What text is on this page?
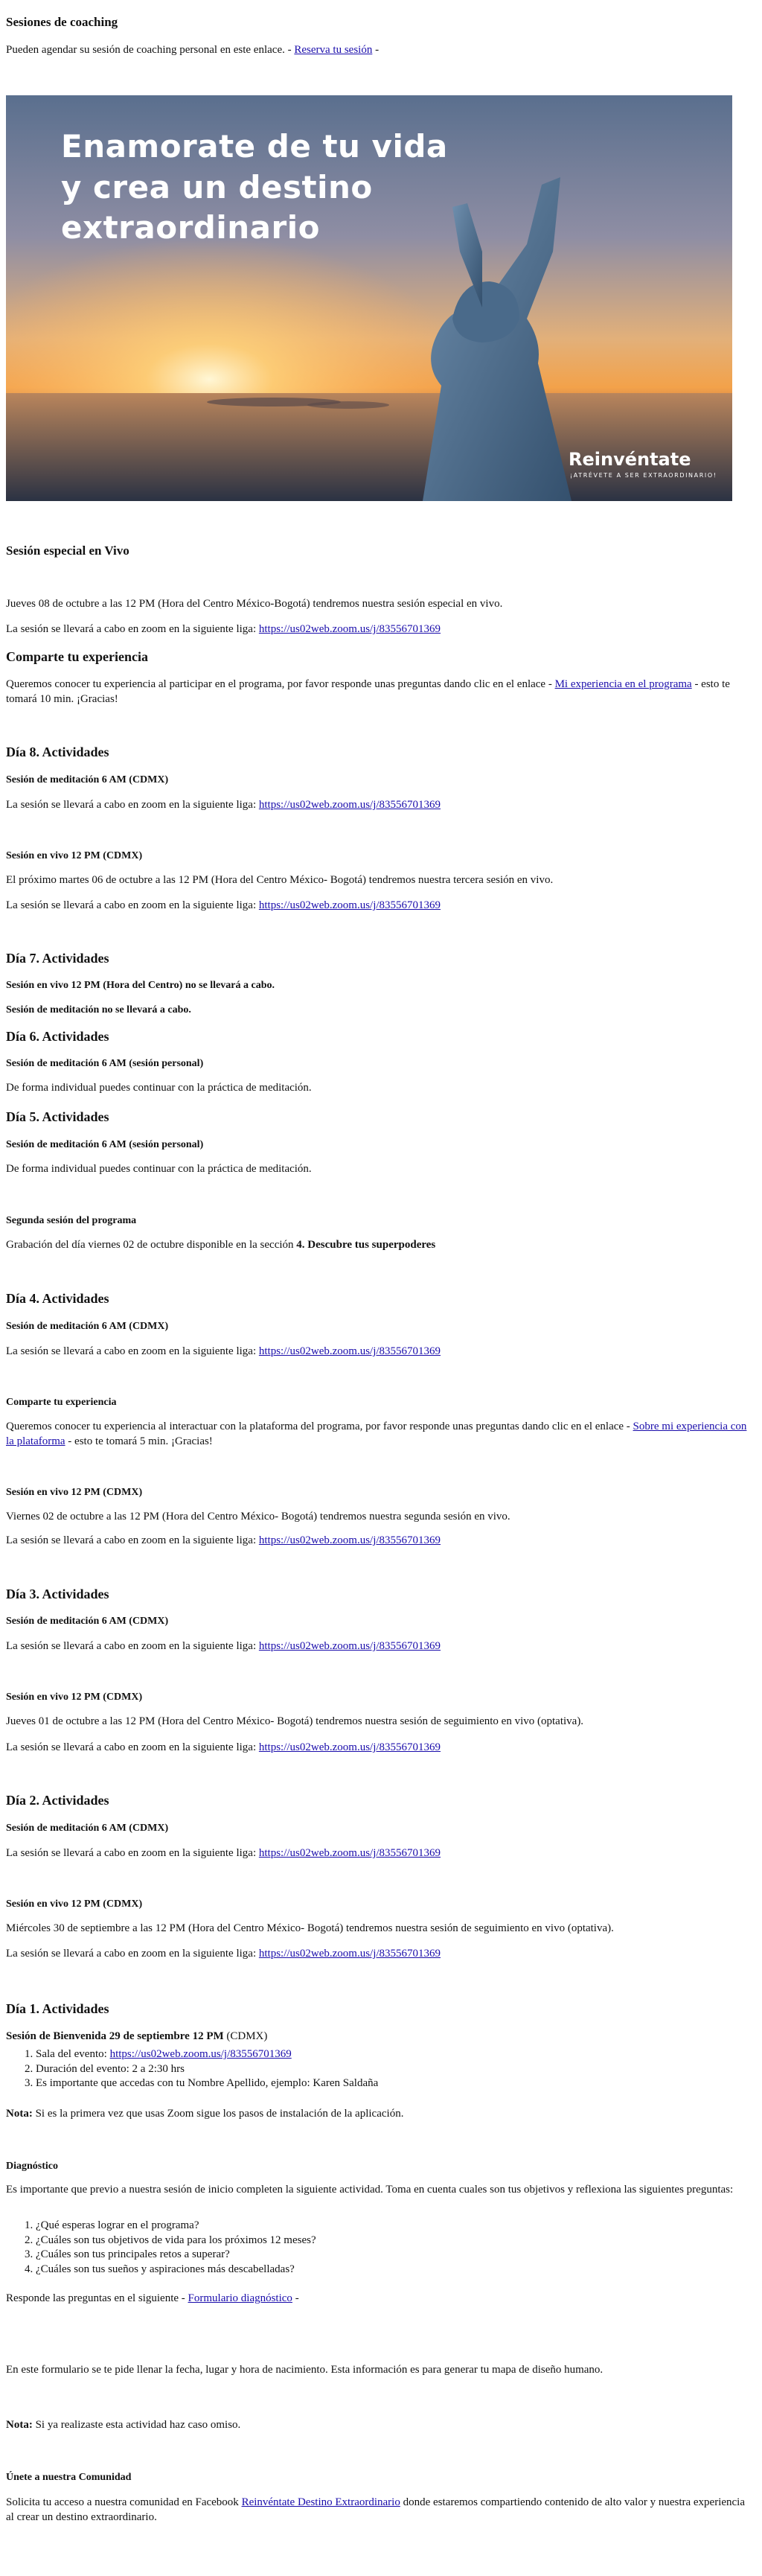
Sesiones de coaching
Pueden agendar su sesión de coaching personal en este enlace. - Reserva tu sesión -
Enamorate de tu vida
y crea un destino
extraordinario
Reinvéntate
¡ATRÉVETE A SER EXTRAORDINARIO!
Sesión especial en Vivo
Jueves 08 de octubre a las 12 PM (Hora del Centro México-Bogotá) tendremos nuestra sesión especial en vivo.
La sesión se llevará a cabo en zoom en la siguiente liga: https://us02web.zoom.us/j/83556701369
Comparte tu experiencia
Queremos conocer tu experiencia al participar en el programa, por favor responde unas preguntas dando clic en el enlace - Mi experiencia en el programa - esto te tomará 10 min. ¡Gracias!
Día 8. Actividades
Sesión de meditación 6 AM (CDMX)
La sesión se llevará a cabo en zoom en la siguiente liga: https://us02web.zoom.us/j/83556701369
Sesión en vivo 12 PM (CDMX)
El próximo martes 06 de octubre a las 12 PM (Hora del Centro México- Bogotá) tendremos nuestra tercera sesión en vivo.
La sesión se llevará a cabo en zoom en la siguiente liga: https://us02web.zoom.us/j/83556701369
Día 7. Actividades
Sesión en vivo 12 PM (Hora del Centro) no se llevará a cabo.
Sesión de meditación no se llevará a cabo.
Día 6. Actividades
Sesión de meditación 6 AM (sesión personal)
De forma individual puedes continuar con la práctica de meditación.
Día 5. Actividades
Sesión de meditación 6 AM (sesión personal)
De forma individual puedes continuar con la práctica de meditación.
Segunda sesión del programa
Grabación del día viernes 02 de octubre disponible en la sección 4. Descubre tus superpoderes
Día 4. Actividades
Sesión de meditación 6 AM (CDMX)
La sesión se llevará a cabo en zoom en la siguiente liga: https://us02web.zoom.us/j/83556701369
Comparte tu experiencia
Queremos conocer tu experiencia al interactuar con la plataforma del programa, por favor responde unas preguntas dando clic en el enlace - Sobre mi experiencia con la plataforma - esto te tomará 5 min. ¡Gracias!
Sesión en vivo 12 PM (CDMX)
Viernes 02 de octubre a las 12 PM (Hora del Centro México- Bogotá) tendremos nuestra segunda sesión en vivo.
La sesión se llevará a cabo en zoom en la siguiente liga: https://us02web.zoom.us/j/83556701369
Día 3. Actividades
Sesión de meditación 6 AM (CDMX)
La sesión se llevará a cabo en zoom en la siguiente liga: https://us02web.zoom.us/j/83556701369
Sesión en vivo 12 PM (CDMX)
Jueves 01 de octubre a las 12 PM (Hora del Centro México- Bogotá) tendremos nuestra sesión de seguimiento en vivo (optativa).
La sesión se llevará a cabo en zoom en la siguiente liga: https://us02web.zoom.us/j/83556701369
Día 2. Actividades
Sesión de meditación 6 AM (CDMX)
La sesión se llevará a cabo en zoom en la siguiente liga: https://us02web.zoom.us/j/83556701369
Sesión en vivo 12 PM (CDMX)
Miércoles 30 de septiembre a las 12 PM (Hora del Centro México- Bogotá) tendremos nuestra sesión de seguimiento en vivo (optativa).
La sesión se llevará a cabo en zoom en la siguiente liga: https://us02web.zoom.us/j/83556701369
Día 1. Actividades
Sesión de Bienvenida 29 de septiembre 12 PM (CDMX)
1. Sala del evento: https://us02web.zoom.us/j/83556701369
2. Duración del evento: 2 a 2:30 hrs
3. Es importante que accedas con tu Nombre Apellido, ejemplo: Karen Saldaña
Nota: Si es la primera vez que usas Zoom sigue los pasos de instalación de la aplicación.
Diagnóstico
Es importante que previo a nuestra sesión de inicio completen la siguiente actividad. Toma en cuenta cuales son tus objetivos y reflexiona las siguientes preguntas:
1. ¿Qué esperas lograr en el programa?
2. ¿Cuáles son tus objetivos de vida para los próximos 12 meses?
3. ¿Cuáles son tus principales retos a superar?
4. ¿Cuáles son tus sueños y aspiraciones más descabelladas?
Responde las preguntas en el siguiente - Formulario diagnóstico -
En este formulario se te pide llenar la fecha, lugar y hora de nacimiento. Esta información es para generar tu mapa de diseño humano.
Nota: Si ya realizaste esta actividad haz caso omiso.
Únete a nuestra Comunidad
Solicita tu acceso a nuestra comunidad en Facebook Reinvéntate Destino Extraordinario donde estaremos compartiendo contenido de alto valor y nuestra experiencia al crear un destino extraordinario.
